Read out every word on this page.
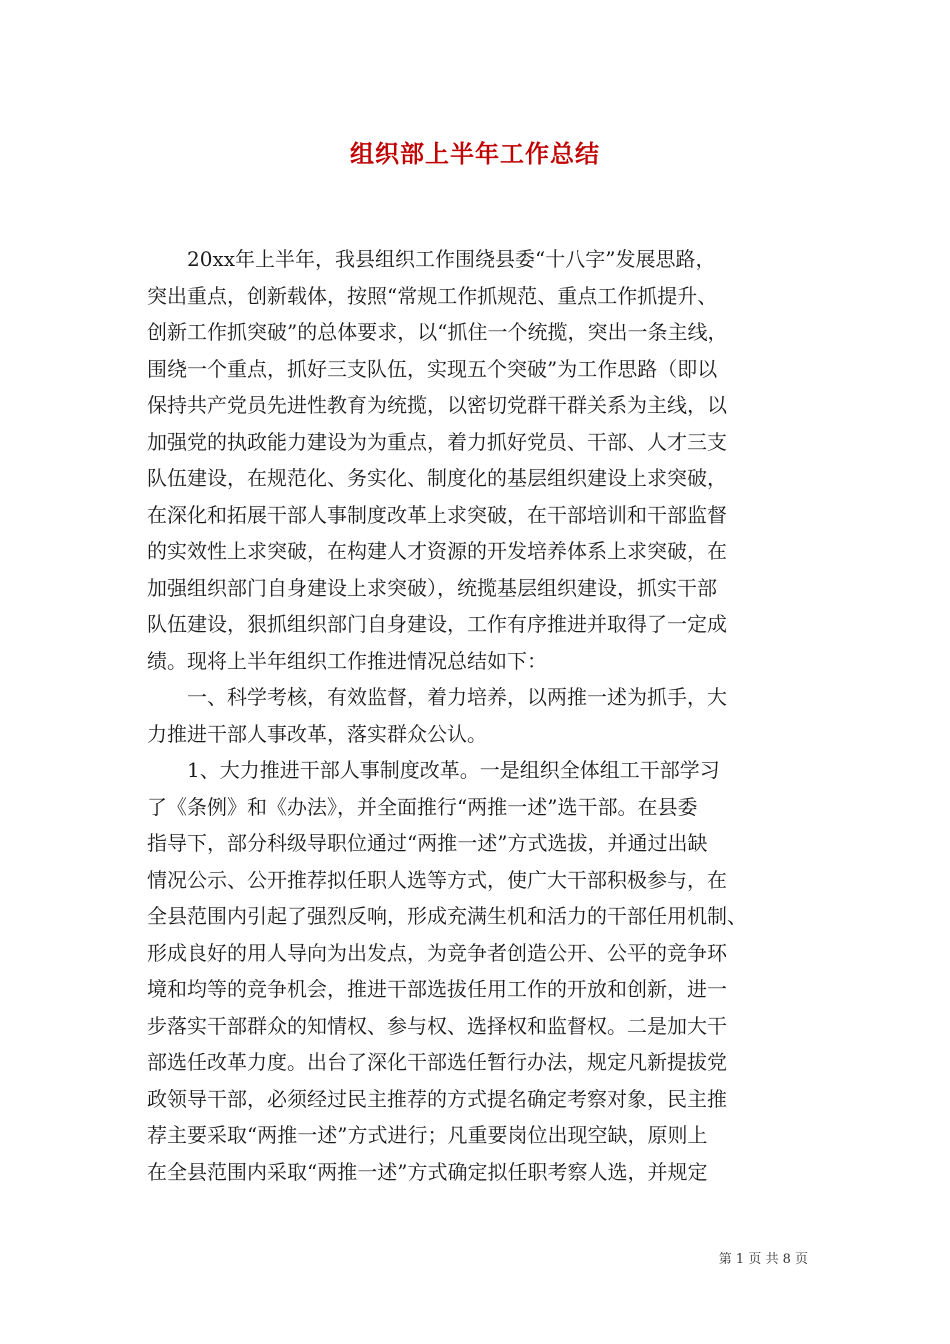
组织部上半年工作总结
　　20xx年上半年，我县组织工作围绕县委“十八字”发展思路，
突出重点，创新载体，按照“常规工作抓规范、重点工作抓提升、
创新工作抓突破”的总体要求，以“抓住一个统揽，突出一条主线，
围绕一个重点，抓好三支队伍，实现五个突破”为工作思路（即以
保持共产党员先进性教育为统揽，以密切党群干群关系为主线，以
加强党的执政能力建设为为重点，着力抓好党员、干部、人才三支
队伍建设，在规范化、务实化、制度化的基层组织建设上求突破，
在深化和拓展干部人事制度改革上求突破，在干部培训和干部监督
的实效性上求突破，在构建人才资源的开发培养体系上求突破，在
加强组织部门自身建设上求突破），统揽基层组织建设，抓实干部
队伍建设，狠抓组织部门自身建设，工作有序推进并取得了一定成
绩。现将上半年组织工作推进情况总结如下：
　　一、科学考核，有效监督，着力培养，以两推一述为抓手，大
力推进干部人事改革，落实群众公认。
　　1、大力推进干部人事制度改革。一是组织全体组工干部学习
了《条例》和《办法》，并全面推行“两推一述”选干部。在县委
指导下，部分科级导职位通过“两推一述”方式选拔，并通过出缺
情况公示、公开推荐拟任职人选等方式，使广大干部积极参与，在
全县范围内引起了强烈反响，形成充满生机和活力的干部任用机制、
形成良好的用人导向为出发点，为竞争者创造公开、公平的竞争环
境和均等的竞争机会，推进干部选拔任用工作的开放和创新，进一
步落实干部群众的知情权、参与权、选择权和监督权。二是加大干
部选任改革力度。出台了深化干部选任暂行办法，规定凡新提拔党
政领导干部，必须经过民主推荐的方式提名确定考察对象，民主推
荐主要采取“两推一述”方式进行；凡重要岗位出现空缺，原则上
在全县范围内采取“两推一述”方式确定拟任职考察人选，并规定
第 1 页 共 8 页
